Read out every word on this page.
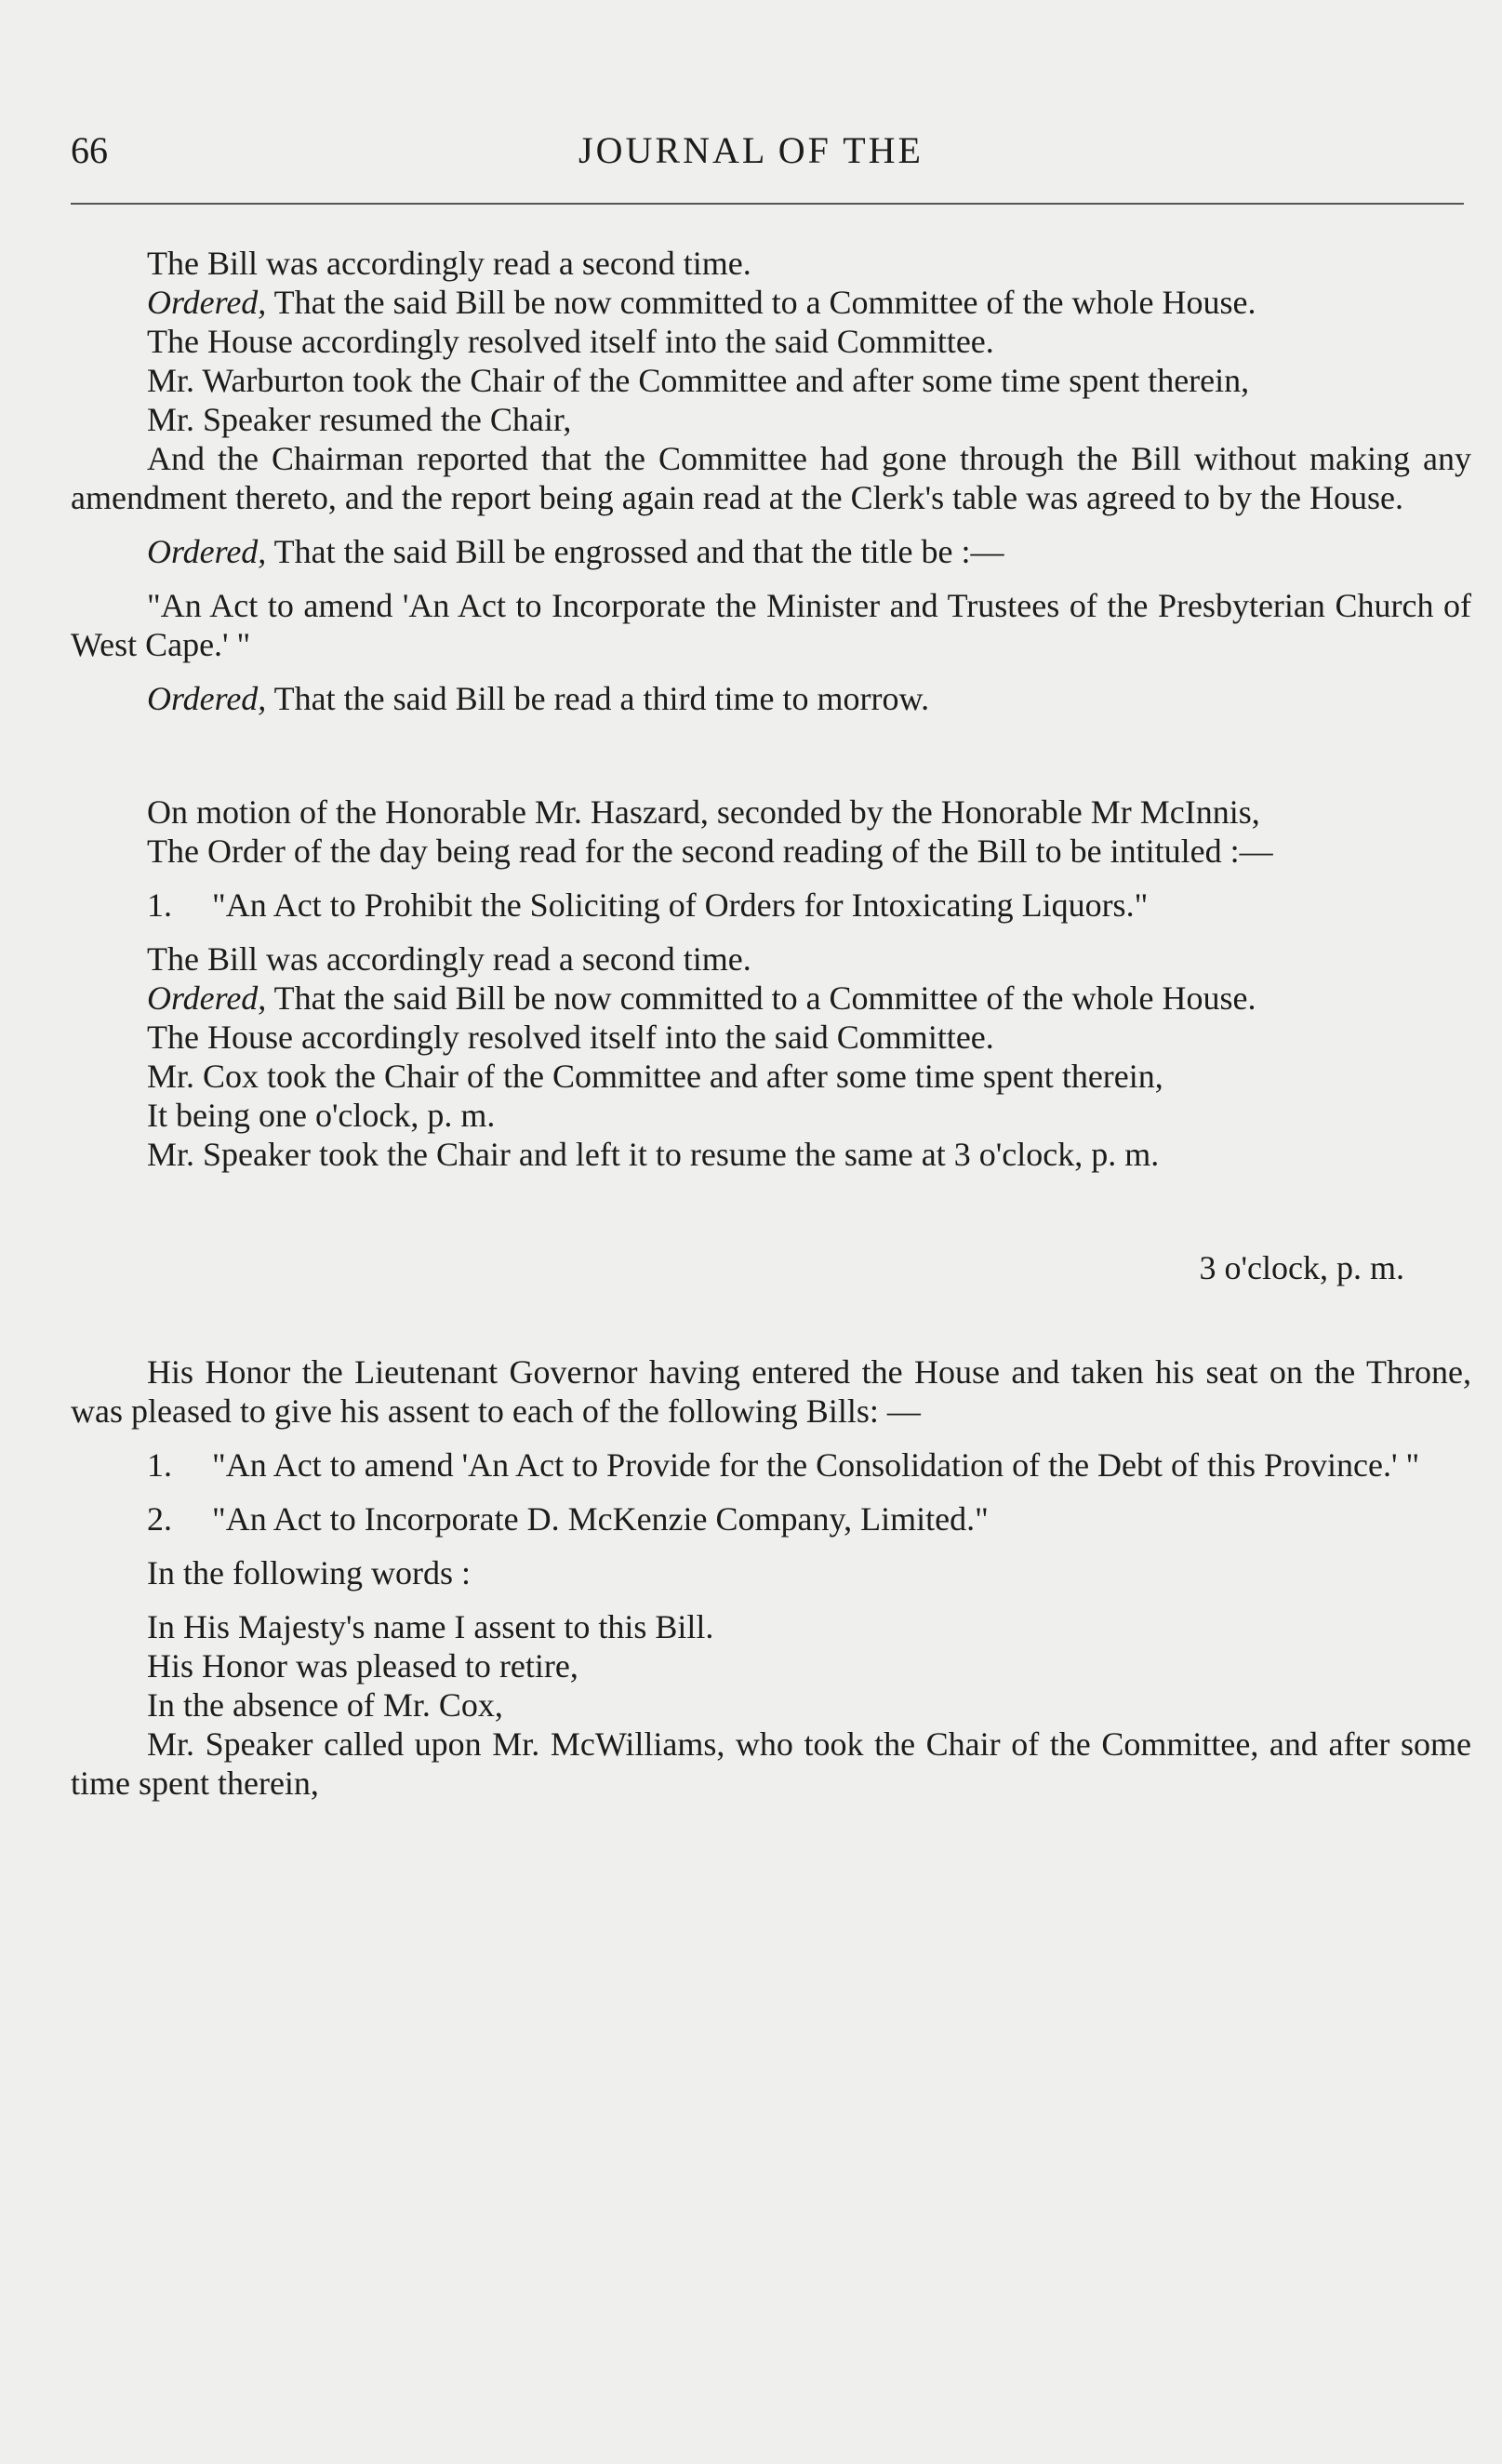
66	JOURNAL OF THE

The Bill was accordingly read a second time.

Ordered, That the said Bill be now committed to a Committee of the whole House.

The House accordingly resolved itself into the said Committee.

Mr. Warburton took the Chair of the Committee and after some time spent therein,

Mr. Speaker resumed the Chair,

And the Chairman reported that the Committee had gone through the Bill without making any amendment thereto, and the report being again read at the Clerk's table was agreed to by the House.

Ordered, That the said Bill be engrossed and that the title be :—

"An Act to amend 'An Act to Incorporate the Minister and Trustees of the Presbyterian Church of West Cape.' "

Ordered, That the said Bill be read a third time to morrow.

On motion of the Honorable Mr. Haszard, seconded by the Honorable Mr McInnis,

The Order of the day being read for the second reading of the Bill to be intituled :—

1. "An Act to Prohibit the Soliciting of Orders for Intoxicating Liquors."

The Bill was accordingly read a second time.

Ordered, That the said Bill be now committed to a Committee of the whole House.

The House accordingly resolved itself into the said Committee.

Mr. Cox took the Chair of the Committee and after some time spent therein,

It being one o'clock, p. m.

Mr. Speaker took the Chair and left it to resume the same at 3 o'clock, p. m.

3 o'clock, p. m.

His Honor the Lieutenant Governor having entered the House and taken his seat on the Throne, was pleased to give his assent to each of the following Bills: —

1. "An Act to amend 'An Act to Provide for the Consolidation of the Debt of this Province.' "

2. "An Act to Incorporate D. McKenzie Company, Limited."

In the following words :

In His Majesty's name I assent to this Bill.

His Honor was pleased to retire,

In the absence of Mr. Cox,

Mr. Speaker called upon Mr. McWilliams, who took the Chair of the Committee, and after some time spent therein,
